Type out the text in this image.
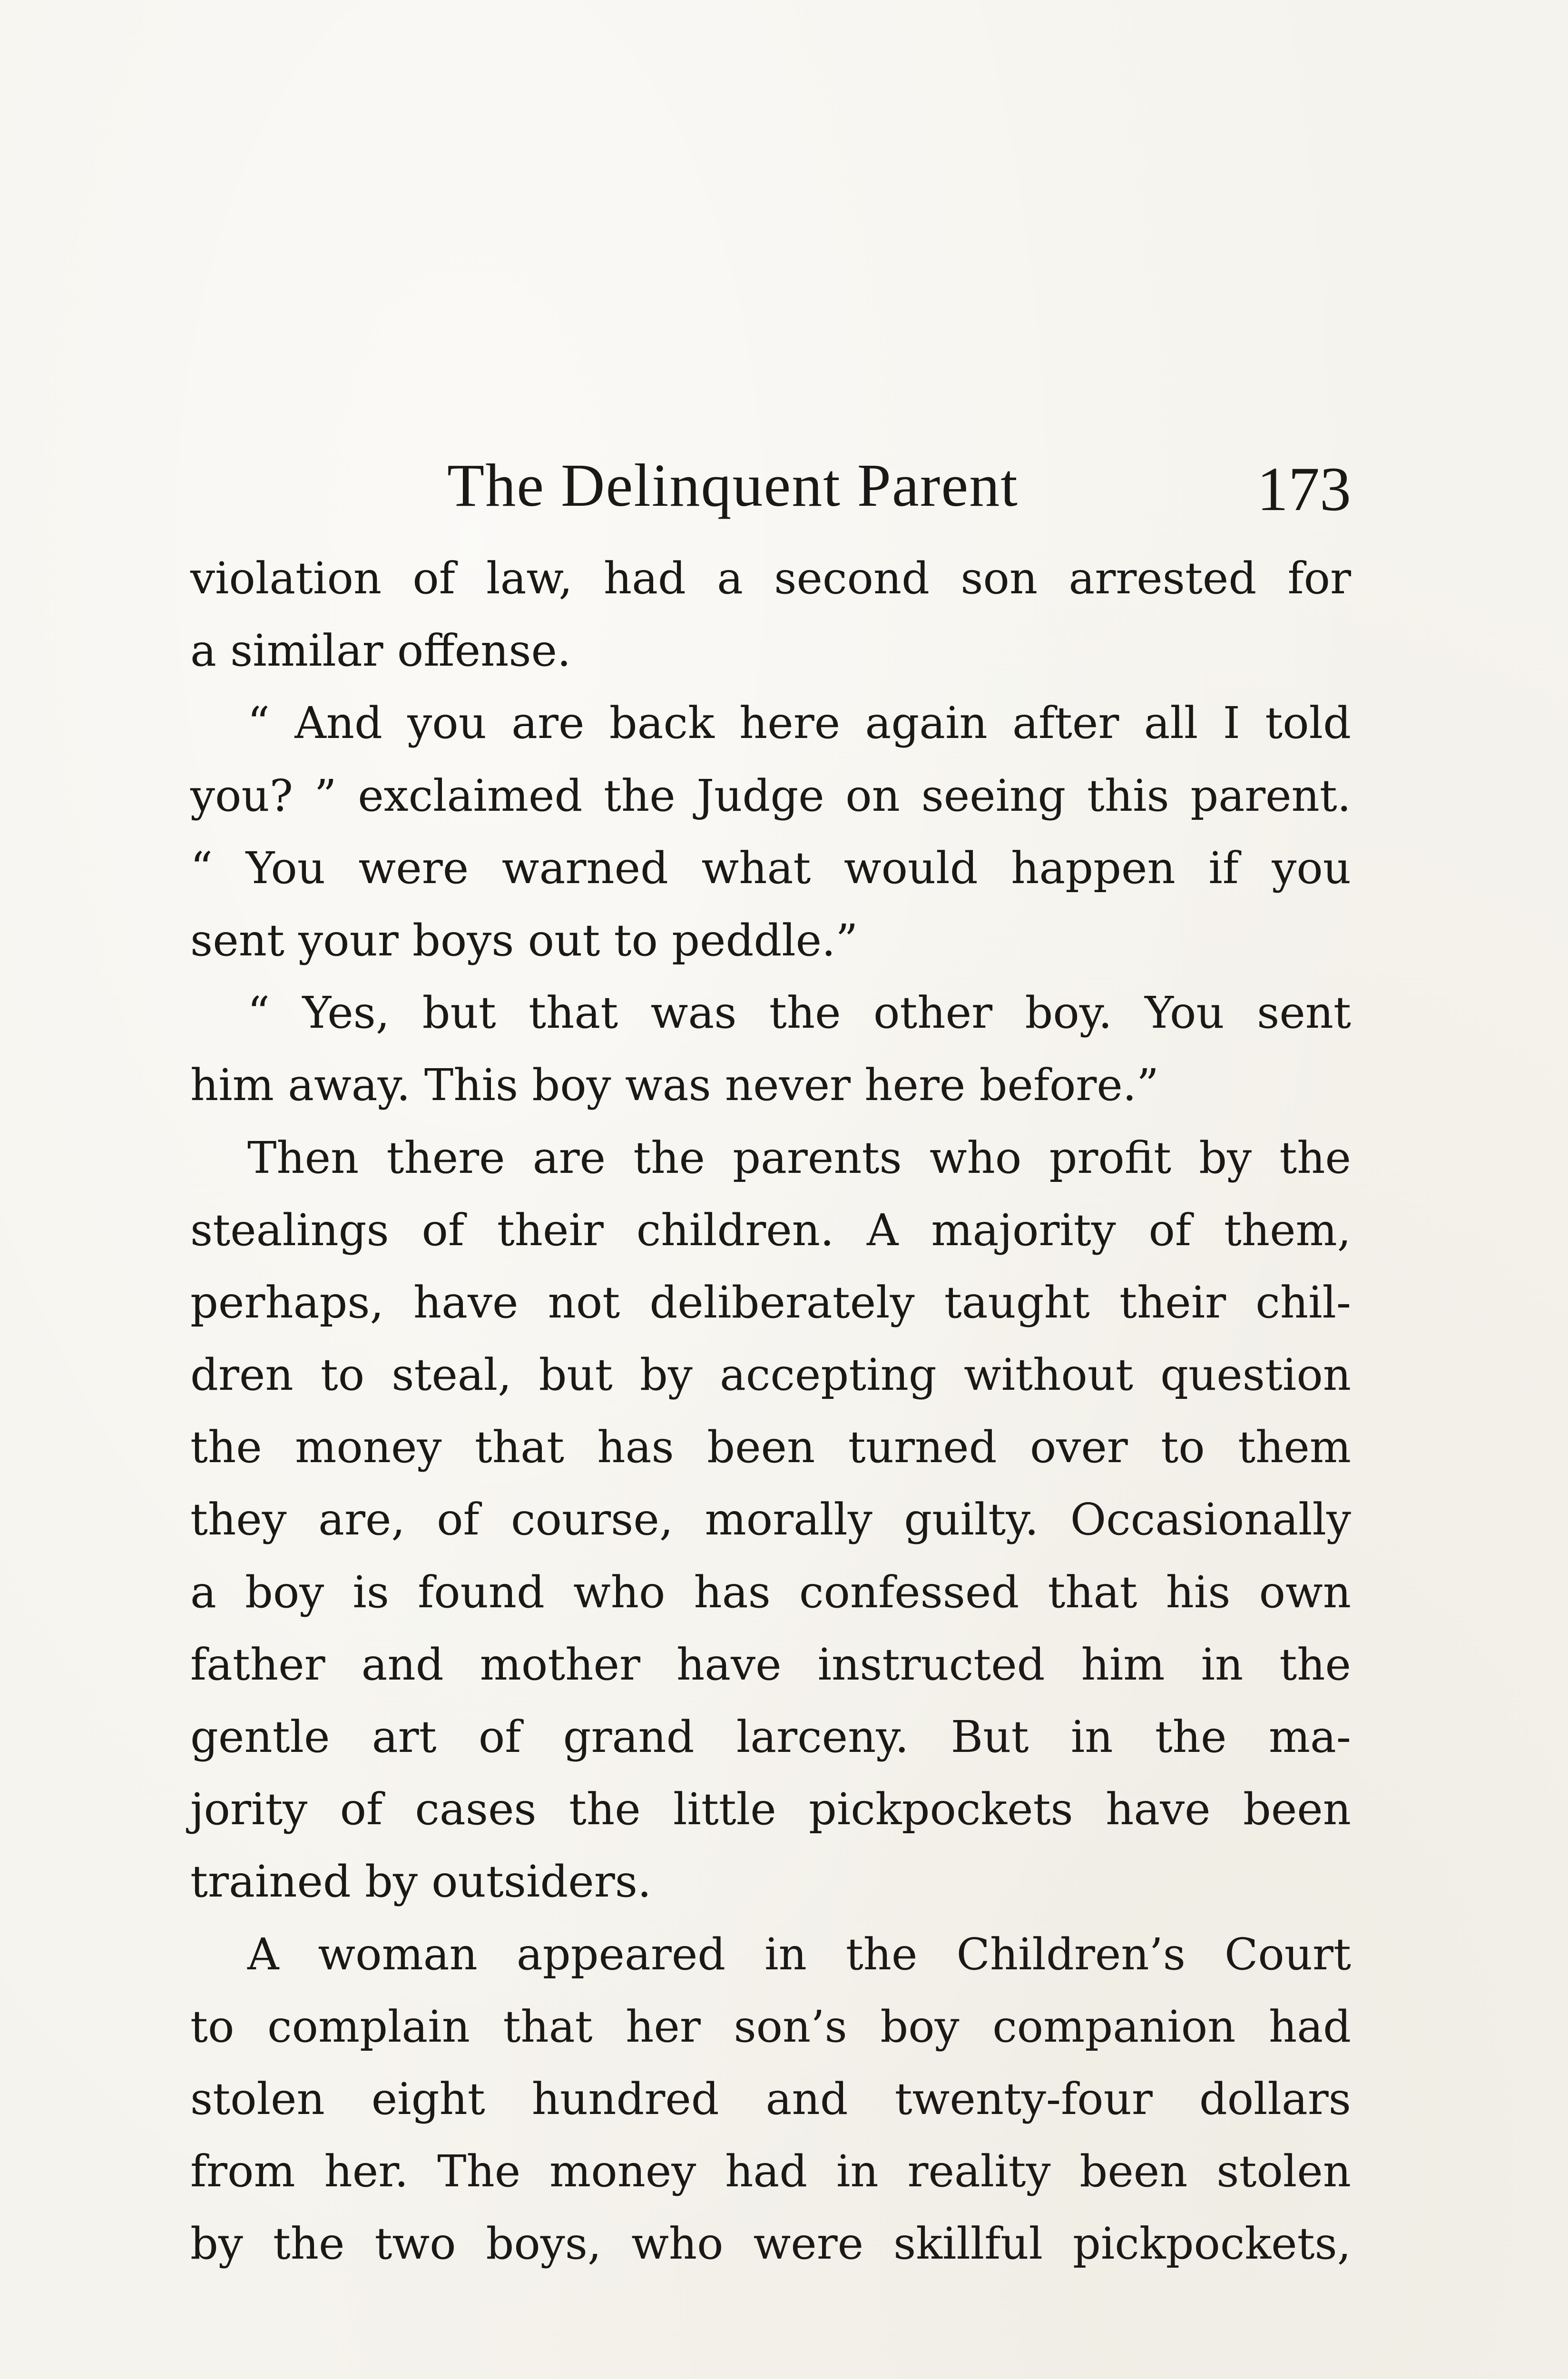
The Delinquent Parent	173
violation of law, had a second son arrested for
a similar offense.
“ And you are back here again after all I told
you? ” exclaimed the Judge on seeing this parent.
“ You were warned what would happen if you
sent your boys out to peddle.”
“ Yes, but that was the other boy. You sent
him away. This boy was never here before.”
Then there are the parents who profit by the
stealings of their children. A majority of them,
perhaps, have not deliberately taught their chil-
dren to steal, but by accepting without question
the money that has been turned over to them
they are, of course, morally guilty. Occasionally
a boy is found who has confessed that his own
father and mother have instructed him in the
gentle art of grand larceny. But in the ma-
jority of cases the little pickpockets have been
trained by outsiders.
A woman appeared in the Children’s Court
to complain that her son’s boy companion had
stolen eight hundred and twenty-four dollars
from her. The money had in reality been stolen
by the two boys, who were skillful pickpockets,
